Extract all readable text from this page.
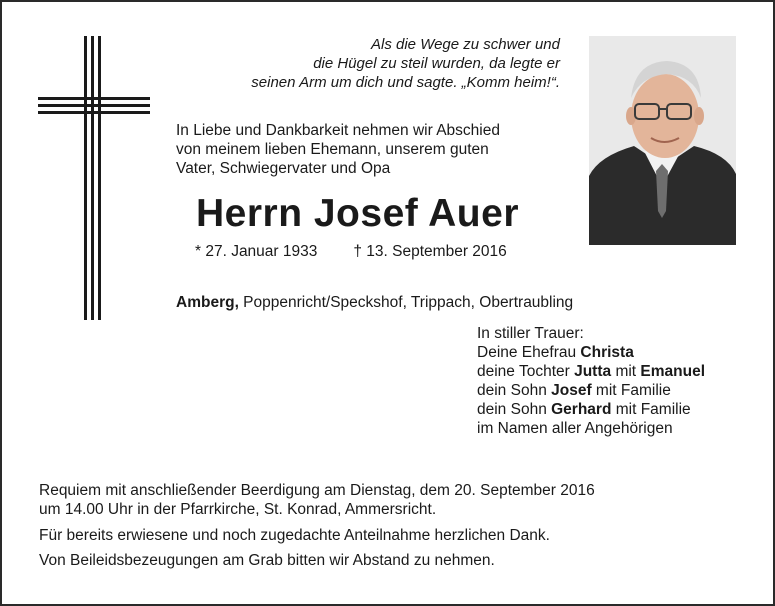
Als die Wege zu schwer und
die Hügel zu steil wurden, da legte er
seinen Arm um dich und sagte. „Komm heim!“.
In Liebe und Dankbarkeit nehmen wir Abschied
von meinem lieben Ehemann, unserem guten
Vater, Schwiegervater und Opa
Herrn Josef Auer
* 27. Januar 1933 † 13. September 2016
Amberg, Poppenricht/Speckshof, Trippach, Obertraubling
In stiller Trauer:
Deine Ehefrau Christa
deine Tochter Jutta mit Emanuel
dein Sohn Josef mit Familie
dein Sohn Gerhard mit Familie
im Namen aller Angehörigen
Requiem mit anschließender Beerdigung am Dienstag, dem 20. September 2016
um 14.00 Uhr in der Pfarrkirche, St. Konrad, Ammersricht.
Für bereits erwiesene und noch zugedachte Anteilnahme herzlichen Dank.
Von Beileidsbezeugungen am Grab bitten wir Abstand zu nehmen.
